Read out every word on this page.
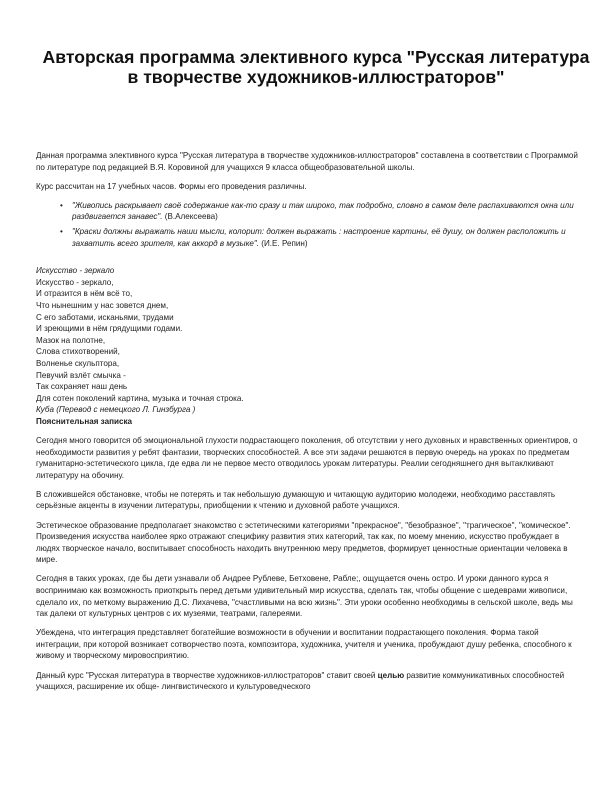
Авторская программа элективного курса "Русская литература в творчестве художников-иллюстраторов"

Данная программа элективного курса "Русская литература в творчестве художников-иллюстраторов" составлена в соответствии с Программой по литературе под редакцией В.Я. Коровиной для учащихся 9 класса общеобразовательной школы.

Курс рассчитан на 17 учебных часов. Формы его проведения различны.

• "Живопись раскрывает своё содержание как-то сразу и так широко, так подробно, словно в самом деле распахиваются окна или раздвигается занавес". (В.Алексеева)
• "Краски должны выражать наши мысли, колорит: должен выражать : настроение картины, её душу, он должен расположить и захватить всего зрителя, как аккорд в музыке". (И.Е. Репин)
Искусство - зеркало
Искусство - зеркало,
И отразится в нём всё то,
Что нынешним у нас зовется днем,
С его заботами, исканьями, трудами
И зреющими в нём грядущими годами.
Мазок на полотне,
Слова стихотворений,
Волненье скульптора,
Певучий взлёт смычка -
Так сохраняет наш день
Для сотен поколений картина, музыка и точная строка.
Куба (Перевод с немецкого Л. Гинзбурга )

Пояснительная записка

Сегодня много говорится об эмоциональной глухости подрастающего поколения, об отсутствии у него духовных и нравственных ориентиров, о необходимости развития у ребят фантазии, творческих способностей. А все эти задачи решаются в первую очередь на уроках по предметам гуманитарно-эстетического цикла, где едва ли не первое место отводилось урокам литературы. Реалии сегодняшнего дня вытаклкивают литературу на обочину.

В сложившейся обстановке, чтобы не потерять и так небольшую думающую и читающую аудиторию молодежи, необходимо расставлять серьёзные акценты в изучении литературы, приобщении к чтению и духовной работе учащихся.

Эстетическое образование предполагает знакомство с эстетическими категориями "прекрасное", "безобразное", "трагическое", "комическое". Произведения искусства наиболее ярко отражают специфику развития этих категорий, так как, по моему мнению, искусство пробуждает в людях творческое начало, воспитывает способность находить внутреннюю меру предметов, формирует ценностные ориентации человека в мире.

Сегодня в таких уроках, где бы дети узнавали об Андрее Рублеве, Бетховене, Рабле;, ощущается очень остро. И уроки данного курса я воспринимаю как возможность приоткрыть перед детьми удивительный мир искусства, сделать так, чтобы общение с шедеврами живописи, сделало их, по меткому выражению Д.С. Лихачева, "счастливыми на всю жизнь". Эти уроки особенно необходимы в сельской школе, ведь мы так далеки от культурных центров с их музеями, театрами, галереями.

Убеждена, что интеграция представляет богатейшие возможности в обучении и воспитании подрастающего поколения. Форма такой интеграции, при которой возникает сотворчество поэта, композитора, художника, учителя и ученика, пробуждают душу ребенка, способного к живому и творческому мировосприятию.

Данный курс "Русская литература в творчестве художников-иллюстраторов" ставит своей целью развитие коммуникативных способностей учащихся, расширение их обще- лингвистического и культуроведческого
